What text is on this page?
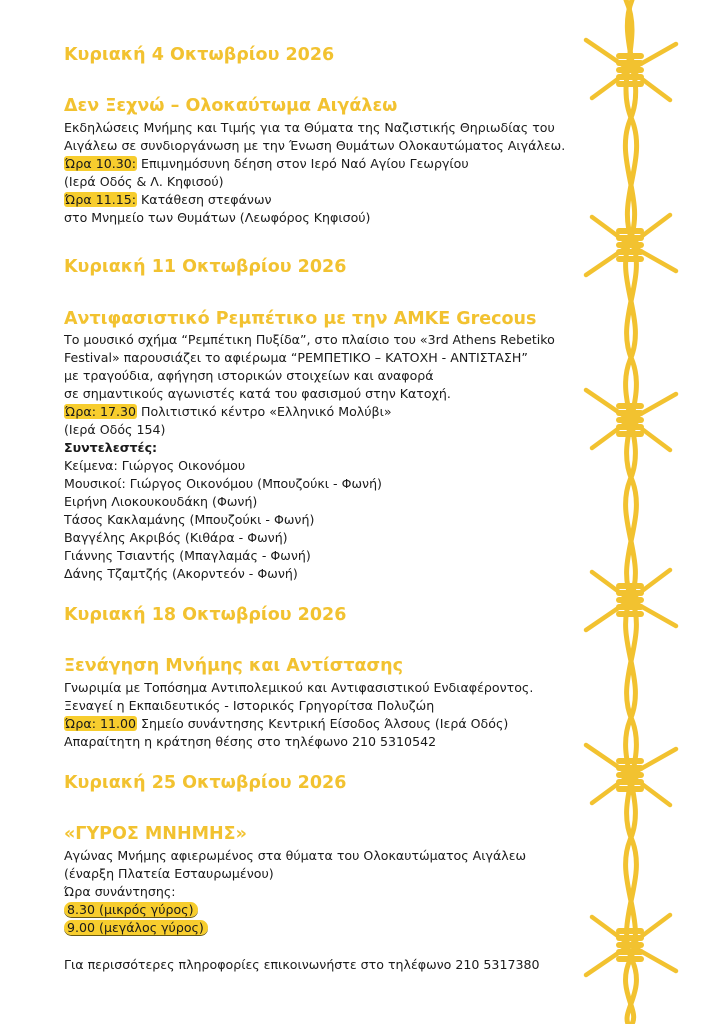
Κυριακή 4 Οκτωβρίου 2026
Δεν Ξεχνώ – Ολοκαύτωμα Αιγάλεω
Εκδηλώσεις Μνήμης και Τιμής για τα Θύματα της Ναζιστικής Θηριωδίας του
Αιγάλεω σε συνδιοργάνωση με την Ένωση Θυμάτων Ολοκαυτώματος Αιγάλεω.
Ώρα 10.30: Επιμνημόσυνη δέηση στον Ιερό Ναό Αγίου Γεωργίου
(Ιερά Οδός & Λ. Κηφισού)
Ώρα 11.15: Κατάθεση στεφάνων
στο Μνημείο των Θυμάτων (Λεωφόρος Κηφισού)
Κυριακή 11 Οκτωβρίου 2026
Αντιφασιστικό Ρεμπέτικο με την ΑΜΚΕ Grecous
Το μουσικό σχήμα “Ρεμπέτικη Πυξίδα”, στο πλαίσιο του «3rd Athens Rebetiko
Festival» παρουσιάζει το αφιέρωμα “ΡΕΜΠΕΤΙΚΟ – ΚΑΤΟΧΗ - ΑΝΤΙΣΤΑΣΗ”
με τραγούδια, αφήγηση ιστορικών στοιχείων και αναφορά
σε σημαντικούς αγωνιστές κατά του φασισμού στην Κατοχή.
Ώρα: 17.30 Πολιτιστικό κέντρο «Ελληνικό Μολύβι»
(Ιερά Οδός 154)
Συντελεστές:
Κείμενα: Γιώργος Οικονόμου
Μουσικοί: Γιώργος Οικονόμου (Μπουζούκι - Φωνή)
Ειρήνη Λιοκουκουδάκη (Φωνή)
Τάσος Κακλαμάνης (Μπουζούκι - Φωνή)
Βαγγέλης Ακριβός (Κιθάρα - Φωνή)
Γιάννης Τσιαντής (Μπαγλαμάς - Φωνή)
Δάνης Τζαμτζής (Ακορντεόν - Φωνή)
Κυριακή 18 Οκτωβρίου 2026
Ξενάγηση Μνήμης και Αντίστασης
Γνωριμία με Τοπόσημα Αντιπολεμικού και Αντιφασιστικού Ενδιαφέροντος.
Ξεναγεί η Εκπαιδευτικός - Ιστορικός Γρηγορίτσα Πολυζώη
Ώρα: 11.00 Σημείο συνάντησης Κεντρική Είσοδος Άλσους (Ιερά Οδός)
Απαραίτητη η κράτηση θέσης στο τηλέφωνο 210 5310542
Κυριακή 25 Οκτωβρίου 2026
«ΓΥΡΟΣ ΜΝΗΜΗΣ»
Αγώνας Μνήμης αφιερωμένος στα θύματα του Ολοκαυτώματος Αιγάλεω
(έναρξη Πλατεία Εσταυρωμένου)
Ώρα συνάντησης:
8.30 (μικρός γύρος)
9.00 (μεγάλος γύρος)
Για περισσότερες πληροφορίες επικοινωνήστε στο τηλέφωνο 210 5317380
